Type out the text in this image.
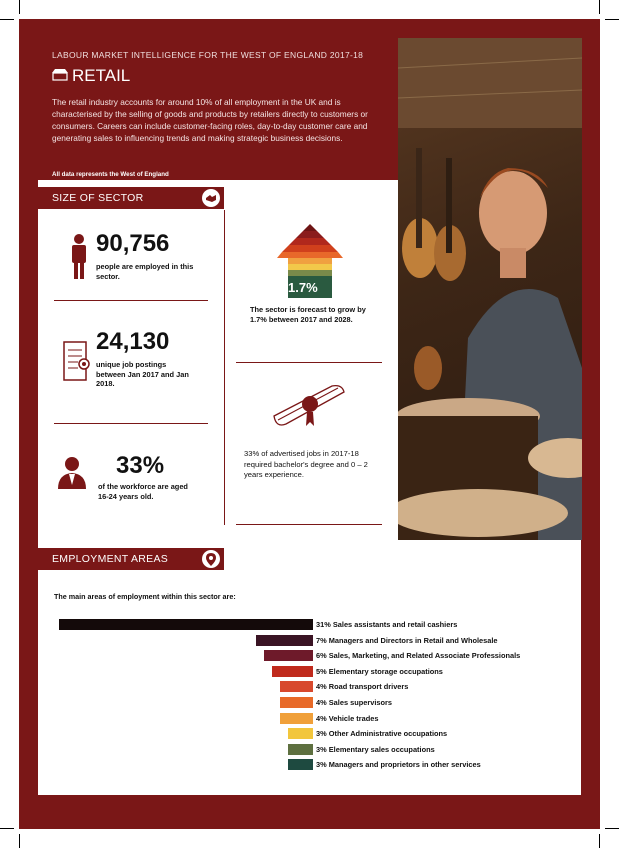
LABOUR MARKET INTELLIGENCE FOR THE WEST OF ENGLAND 2017-18
RETAIL
The retail industry accounts for around 10% of all employment in the UK and is characterised by the selling of goods and products by retailers directly to customers or consumers. Careers can include customer-facing roles, day-to-day customer care and generating sales to influencing trends and making strategic business decisions.
All data represents the West of England
SIZE OF SECTOR
90,756
people are employed in this sector.
24,130
unique job postings between Jan 2017 and Jan 2018.
33%
of the workforce are aged 16-24 years old.
1.7%
The sector is forecast to grow by 1.7% between 2017 and 2028.
33% of advertised jobs in 2017-18 required bachelor's degree and 0 – 2 years experience.
EMPLOYMENT AREAS
The main areas of employment within this sector are:
31% Sales assistants and retail cashiers
7% Managers and Directors in Retail and Wholesale
6% Sales, Marketing, and Related Associate Professionals
5% Elementary storage occupations
4% Road transport drivers
4% Sales supervisors
4% Vehicle trades
3% Other Administrative occupations
3% Elementary sales occupations
3% Managers and proprietors in other services
